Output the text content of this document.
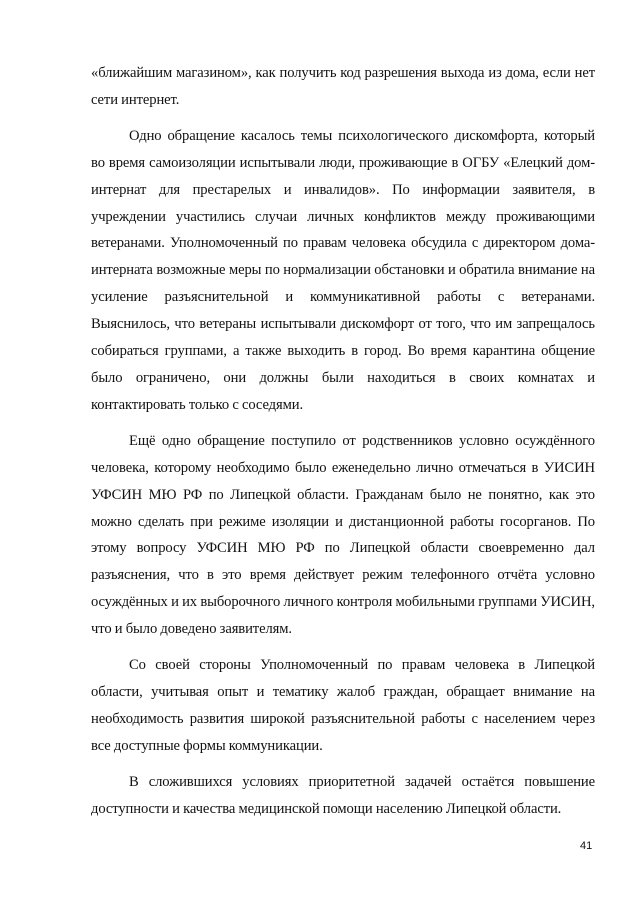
«ближайшим магазином», как получить код разрешения выхода из дома, если нет сети интернет.

Одно обращение касалось темы психологического дискомфорта, который во время самоизоляции испытывали люди, проживающие в ОГБУ «Елецкий дом-интернат для престарелых и инвалидов». По информации заявителя, в учреждении участились случаи личных конфликтов между проживающими ветеранами. Уполномоченный по правам человека обсудила с директором дома-интерната возможные меры по нормализации обстановки и обратила внимание на усиление разъяснительной и коммуникативной работы с ветеранами. Выяснилось, что ветераны испытывали дискомфорт от того, что им запрещалось собираться группами, а также выходить в город. Во время карантина общение было ограничено, они должны были находиться в своих комнатах и контактировать только с соседями.

Ещё одно обращение поступило от родственников условно осуждённого человека, которому необходимо было еженедельно лично отмечаться в УИСИН УФСИН МЮ РФ по Липецкой области. Гражданам было не понятно, как это можно сделать при режиме изоляции и дистанционной работы госорганов. По этому вопросу УФСИН МЮ РФ по Липецкой области своевременно дал разъяснения, что в это время действует режим телефонного отчёта условно осуждённых и их выборочного личного контроля мобильными группами УИСИН, что и было доведено заявителям.

Со своей стороны Уполномоченный по правам человека в Липецкой области, учитывая опыт и тематику жалоб граждан, обращает внимание на необходимость развития широкой разъяснительной работы с населением через все доступные формы коммуникации.

В сложившихся условиях приоритетной задачей остаётся повышение доступности и качества медицинской помощи населению Липецкой области.

41
